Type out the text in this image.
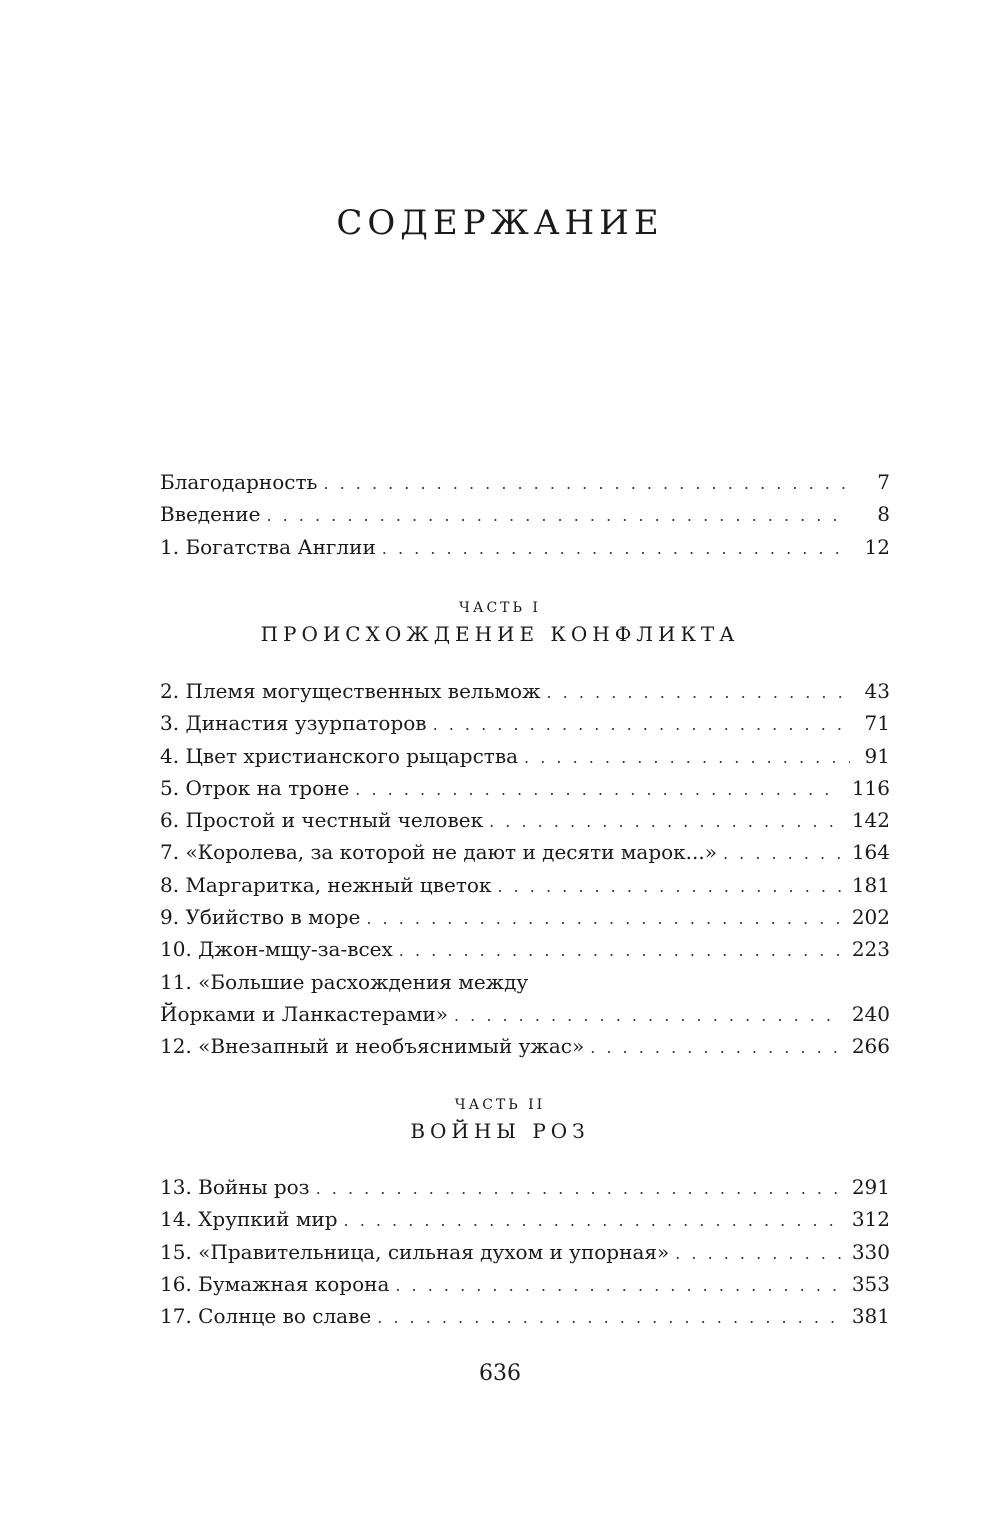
СОДЕРЖАНИЕ
Благодарность . . .	7
Введение . . .	8
1. Богатства Англии . . .	12
ЧАСТЬ I
ПРОИСХОЖДЕНИЕ КОНФЛИКТА
2. Племя могущественных вельмож . . .	43
3. Династия узурпаторов . . .	71
4. Цвет христианского рыцарства . . .	91
5. Отрок на троне . . .	116
6. Простой и честный человек . . .	142
7. «Королева, за которой не дают и десяти марок...» . . .	164
8. Маргаритка, нежный цветок . . .	181
9. Убийство в море . . .	202
10. Джон-мщу-за-всех . . .	223
11. «Большие расхождения между
Йорками и Ланкастерами» . . .	240
12. «Внезапный и необъяснимый ужас» . . .	266
ЧАСТЬ II
ВОЙНЫ РОЗ
13. Войны роз . . .	291
14. Хрупкий мир . . .	312
15. «Правительница, сильная духом и упорная» . . .	330
16. Бумажная корона . . .	353
17. Солнце во славе . . .	381
636
